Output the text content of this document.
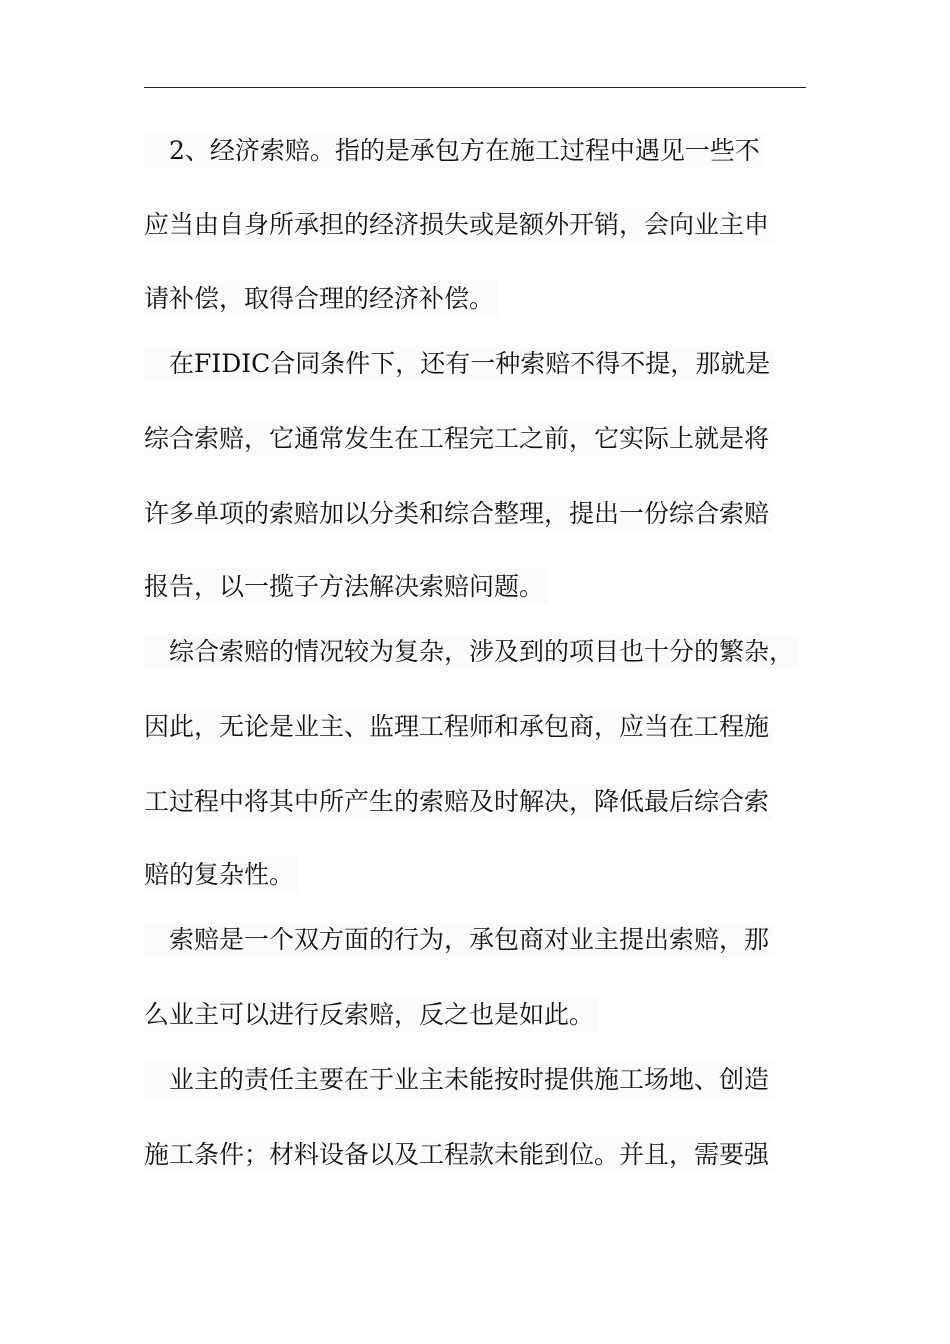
　2、经济索赔。指的是承包方在施工过程中遇见一些不
应当由自身所承担的经济损失或是额外开销，会向业主申
请补偿，取得合理的经济补偿。
　在FIDIC合同条件下，还有一种索赔不得不提，那就是
综合索赔，它通常发生在工程完工之前，它实际上就是将
许多单项的索赔加以分类和综合整理，提出一份综合索赔
报告，以一揽子方法解决索赔问题。
　综合索赔的情况较为复杂，涉及到的项目也十分的繁杂，
因此，无论是业主、监理工程师和承包商，应当在工程施
工过程中将其中所产生的索赔及时解决，降低最后综合索
赔的复杂性。
　索赔是一个双方面的行为，承包商对业主提出索赔，那
么业主可以进行反索赔，反之也是如此。
　业主的责任主要在于业主未能按时提供施工场地、创造
施工条件；材料设备以及工程款未能到位。并且，需要强
